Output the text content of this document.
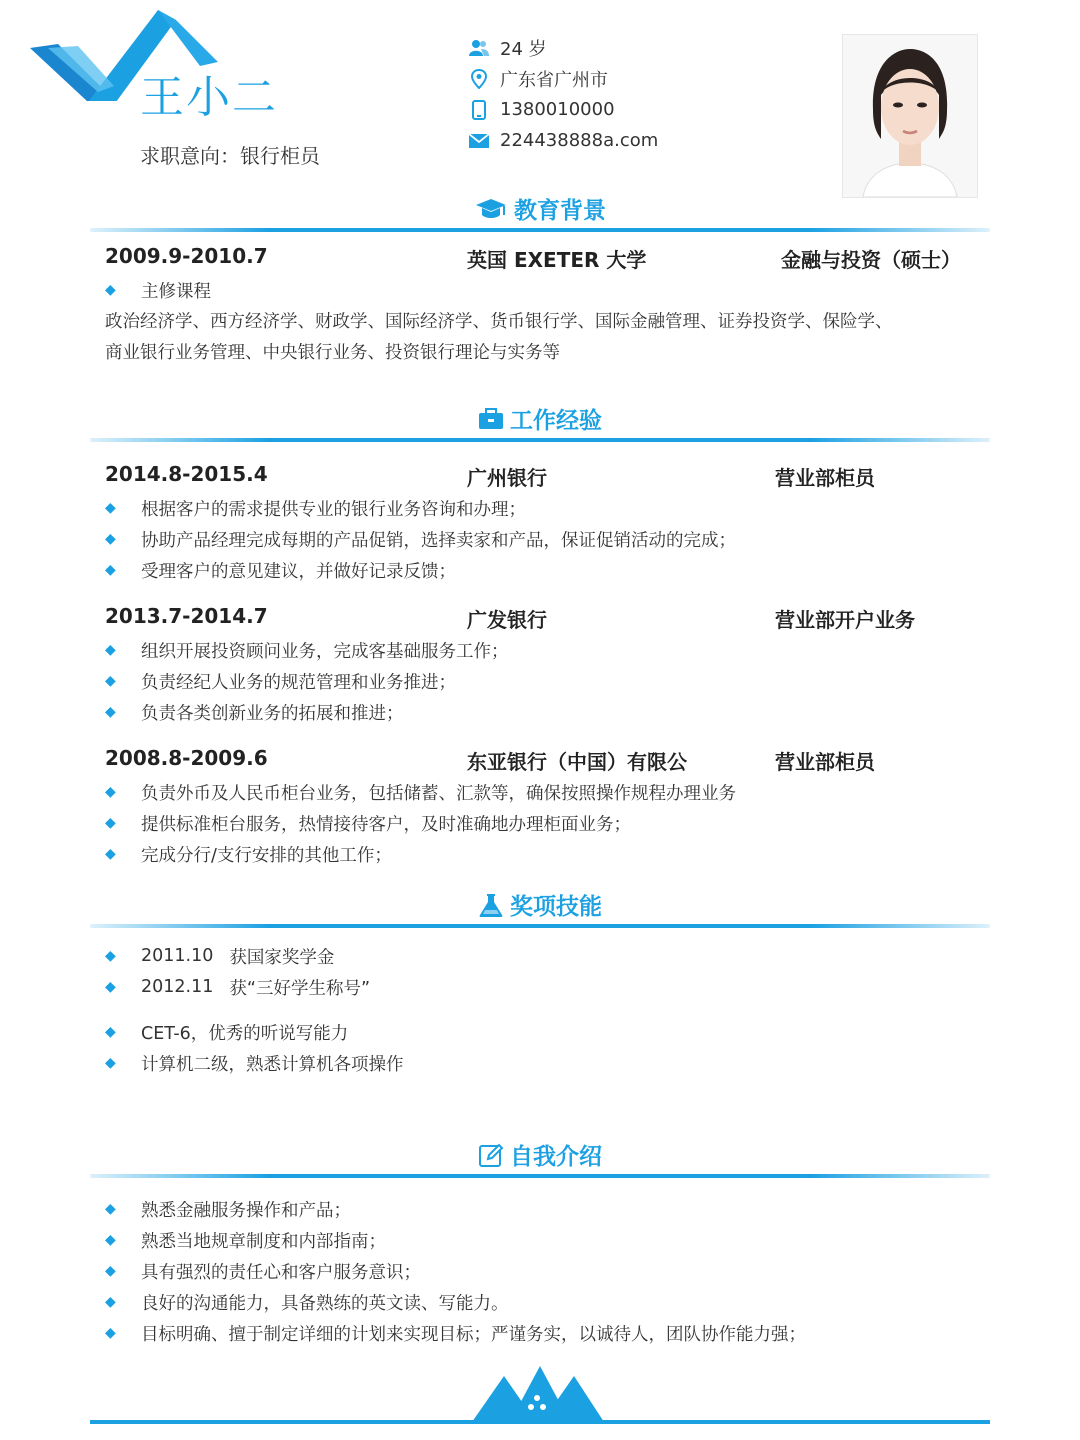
王小二
求职意向：银行柜员
24 岁
广东省广州市
1380010000
224438888a.com
教育背景
2009.9-2010.7	英国 EXETER 大学	金融与投资（硕士）
◆ 主修课程
政治经济学、西方经济学、财政学、国际经济学、货币银行学、国际金融管理、证券投资学、保险学、
商业银行业务管理、中央银行业务、投资银行理论与实务等
工作经验
2014.8-2015.4	广州银行	营业部柜员
◆ 根据客户的需求提供专业的银行业务咨询和办理；
◆ 协助产品经理完成每期的产品促销，选择卖家和产品，保证促销活动的完成；
◆ 受理客户的意见建议，并做好记录反馈；
2013.7-2014.7	广发银行	营业部开户业务
◆ 组织开展投资顾问业务，完成客基础服务工作；
◆ 负责经纪人业务的规范管理和业务推进；
◆ 负责各类创新业务的拓展和推进；
2008.8-2009.6	东亚银行（中国）有限公	营业部柜员
◆ 负责外币及人民币柜台业务，包括储蓄、汇款等，确保按照操作规程办理业务
◆ 提供标准柜台服务，热情接待客户，及时准确地办理柜面业务；
◆ 完成分行/支行安排的其他工作；
奖项技能
◆ 2011.10 获国家奖学金
◆ 2012.11 获“三好学生称号”
◆ CET-6，优秀的听说写能力
◆ 计算机二级，熟悉计算机各项操作
自我介绍
◆ 熟悉金融服务操作和产品；
◆ 熟悉当地规章制度和内部指南；
◆ 具有强烈的责任心和客户服务意识；
◆ 良好的沟通能力，具备熟练的英文读、写能力。
◆ 目标明确、擅于制定详细的计划来实现目标；严谨务实，以诚待人，团队协作能力强；
